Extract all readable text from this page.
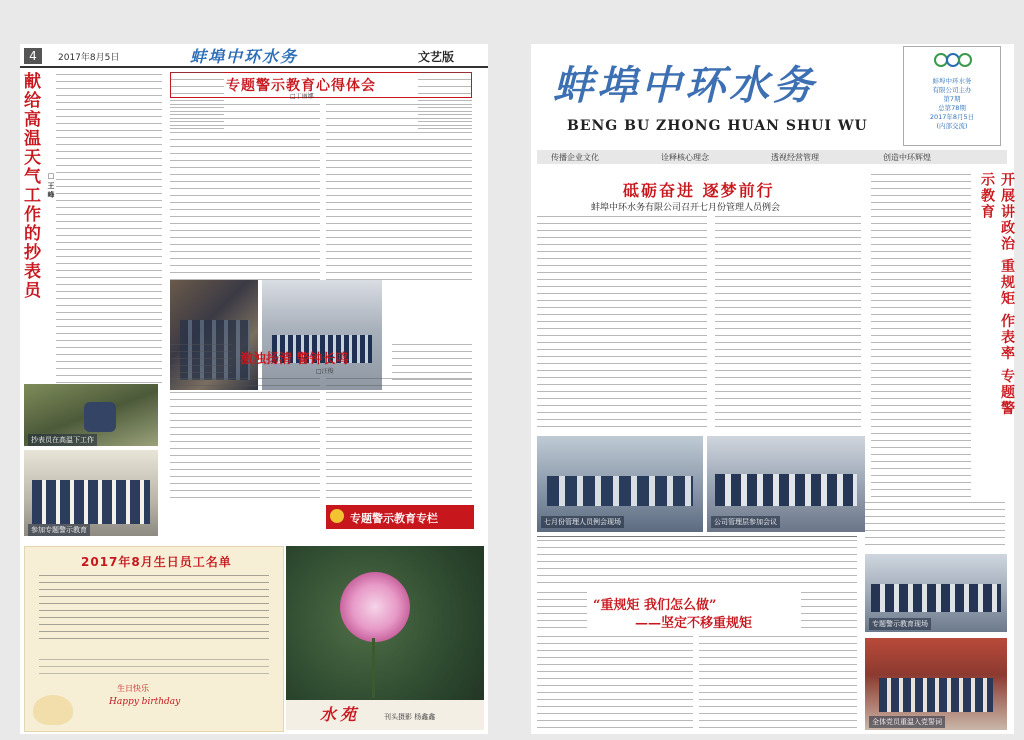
4	2017年8月5日	蚌埠中环水务	文艺版
献给高温天气工作的抄表员 □王峰
专题警示教育心得体会
□丁丽娜
激浊扬清 警钟长鸣
□汪俊
专题警示教育专栏
抄表员在高温下工作
参加专题警示教育
2017年8月生日员工名单
生日快乐
Happy birthday
水苑	刊头摄影 杨鑫鑫
蚌埠中环水务
BENG BU ZHONG HUAN SHUI WU
蚌埠中环水务
有限公司主办
第7期
总第78期
2017年8月5日
(内部交流)
传播企业文化	诠释核心理念	透视经营管理	创造中环辉煌
砥砺奋进 逐梦前行
蚌埠中环水务有限公司召开七月份管理人员例会	开展讲政治 重规矩 作表率 专题警示教育
七月份管理人员例会现场	公司管理层参加会议
“重规矩 我们怎么做”
——坚定不移重规矩	专题警示教育现场
全体党员重温入党誓词
